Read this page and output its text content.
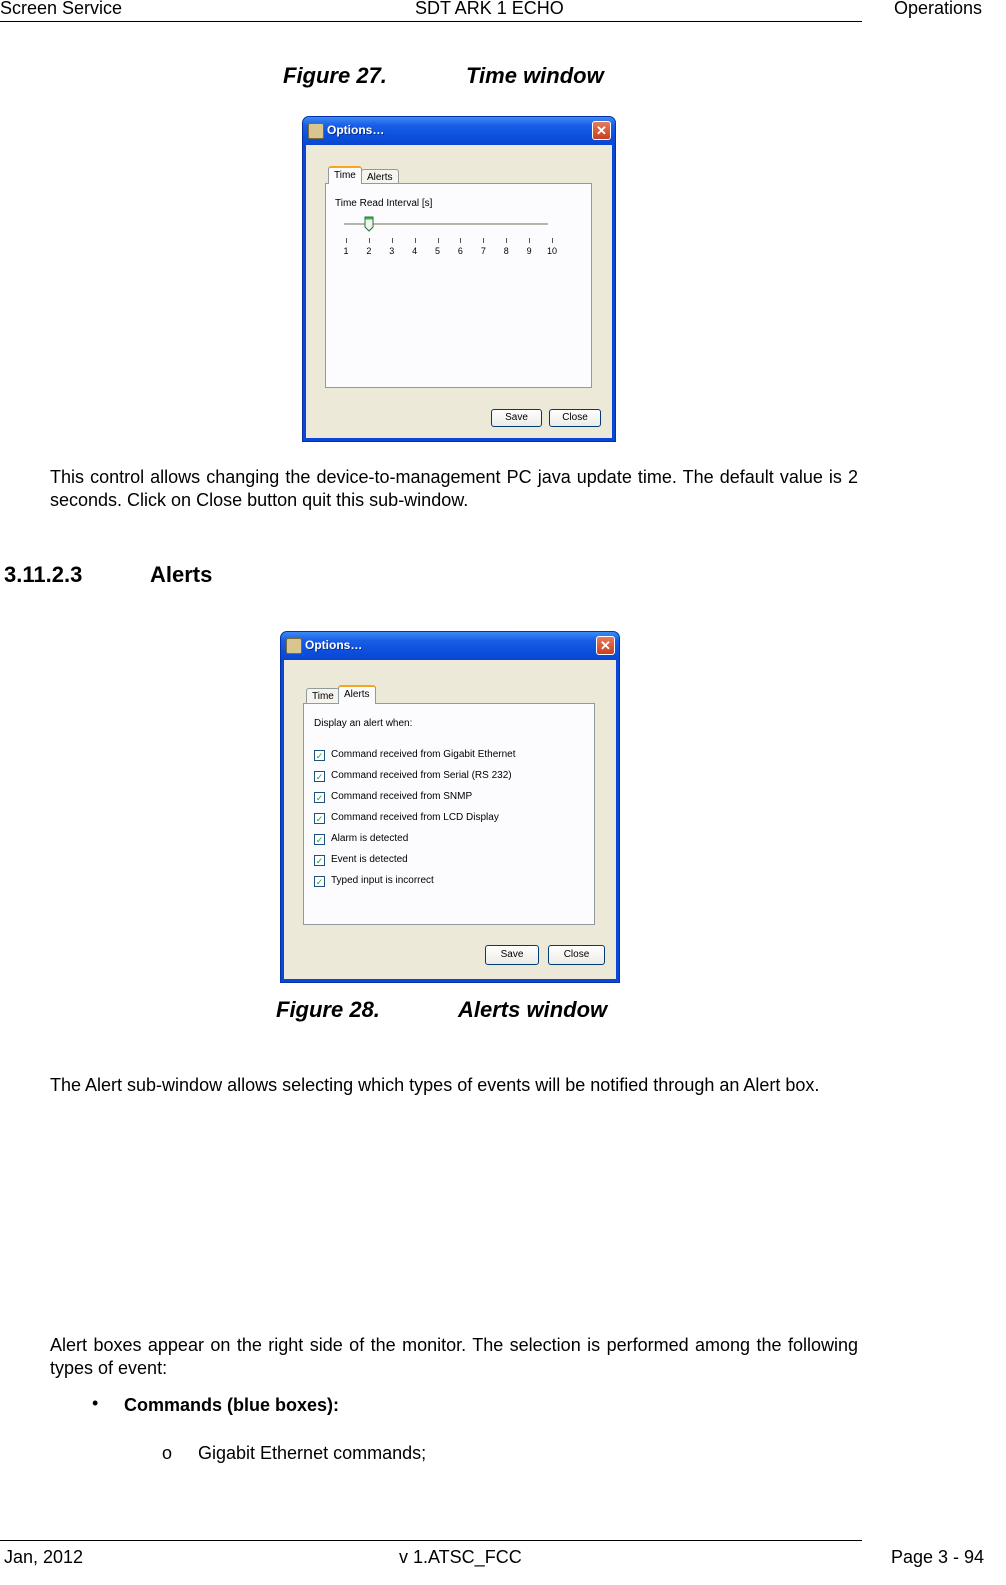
Screen Service	SDT ARK 1 ECHO	Operations
Figure 27.	Time window
Options…	✕
Time	Alerts
Time Read Interval [s]
1	2	3	4	5	6	7	8	9	10
Save	Close
This control allows changing the device-to-management PC java update time. The default value is 2 seconds. Click on Close button quit this sub-window.
3.11.2.3	Alerts
Options…	✕
Time	Alerts
Display an alert when:
✓ Command received from Gigabit Ethernet
✓ Command received from Serial (RS 232)
✓ Command received from SNMP
✓ Command received from LCD Display
✓ Alarm is detected
✓ Event is detected
✓ Typed input is incorrect
Save	Close
Figure 28.	Alerts window
The Alert sub-window allows selecting which types of events will be notified through an Alert box.
Alert boxes appear on the right side of the monitor. The selection is performed among the following types of event:
• Commands (blue boxes):
o Gigabit Ethernet commands;
Jan, 2012	v 1.ATSC_FCC	Page 3 - 94
